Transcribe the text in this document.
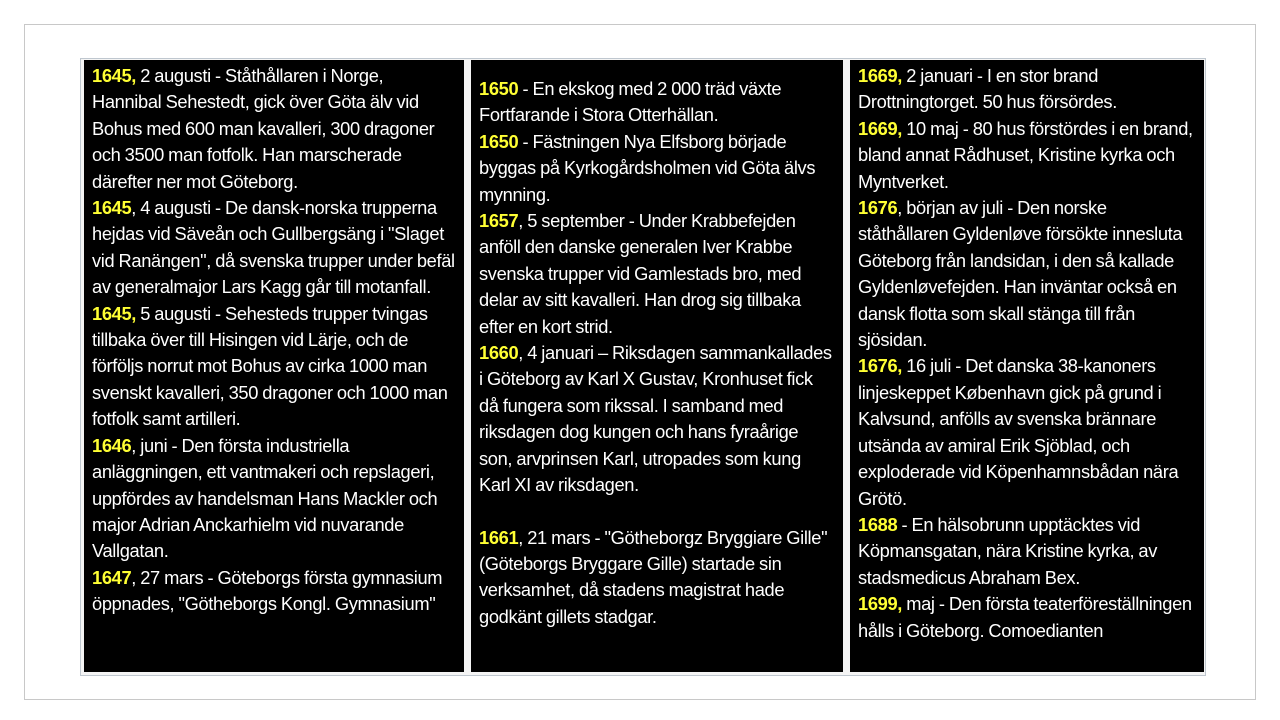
1645, 2 augusti - Ståthållaren i Norge, Hannibal Sehestedt, gick över Göta älv vid Bohus med 600 man kavalleri, 300 dragoner och 3500 man fotfolk. Han marscherade därefter ner mot Göteborg.

1645, 4 augusti - De dansk-norska trupperna hejdas vid Säveån och Gullbergsäng i "Slaget vid Ranängen", då svenska trupper under befäl av generalmajor Lars Kagg går till motanfall.

1645, 5 augusti - Sehesteds trupper tvingas tillbaka över till Hisingen vid Lärje, och de förföljs norrut mot Bohus av cirka 1000 man svenskt kavalleri, 350 dragoner och 1000 man fotfolk samt artilleri.

1646, juni - Den första industriella anläggningen, ett vantmakeri och repslageri, uppfördes av handelsman Hans Mackler och major Adrian Anckarhielm vid nuvarande Vallgatan.

1647, 27 mars - Göteborgs första gymnasium öppnades, "Götheborgs Kongl. Gymnasium"

1650 - En ekskog med 2 000 träd växte Fortfarande i Stora Otterhällan.

1650 - Fästningen Nya Elfsborg började byggas på Kyrkogårdsholmen vid Göta älvs mynning.

1657, 5 september - Under Krabbefejden anföll den danske generalen Iver Krabbe svenska trupper vid Gamlestads bro, med delar av sitt kavalleri. Han drog sig tillbaka efter en kort strid.

1660, 4 januari – Riksdagen sammankallades i Göteborg av Karl X Gustav, Kronhuset fick då fungera som rikssal. I samband med riksdagen dog kungen och hans fyraårige son, arvprinsen Karl, utropades som kung Karl XI av riksdagen.

1661, 21 mars - "Götheborgz Bryggiare Gille" (Göteborgs Bryggare Gille) startade sin verksamhet, då stadens magistrat hade godkänt gillets stadgar.

1669, 2 januari - I en stor brand Drottningtorget. 50 hus försördes.

1669, 10 maj - 80 hus förstördes i en brand, bland annat Rådhuset, Kristine kyrka och Myntverket.

1676, början av juli - Den norske ståthållaren Gyldenløve försökte innesluta Göteborg från landsidan, i den så kallade Gyldenløvefejden. Han inväntar också en dansk flotta som skall stänga till från sjösidan.

1676, 16 juli - Det danska 38-kanoners linjeskeppet København gick på grund i Kalvsund, anfölls av svenska brännare utsända av amiral Erik Sjöblad, och exploderade vid Köpenhamnsbådan nära Grötö.

1688 - En hälsobrunn upptäcktes vid Köpmansgatan, nära Kristine kyrka, av stadsmedicus Abraham Bex.

1699, maj - Den första teaterföreställningen hålls i Göteborg. Comoedianten
